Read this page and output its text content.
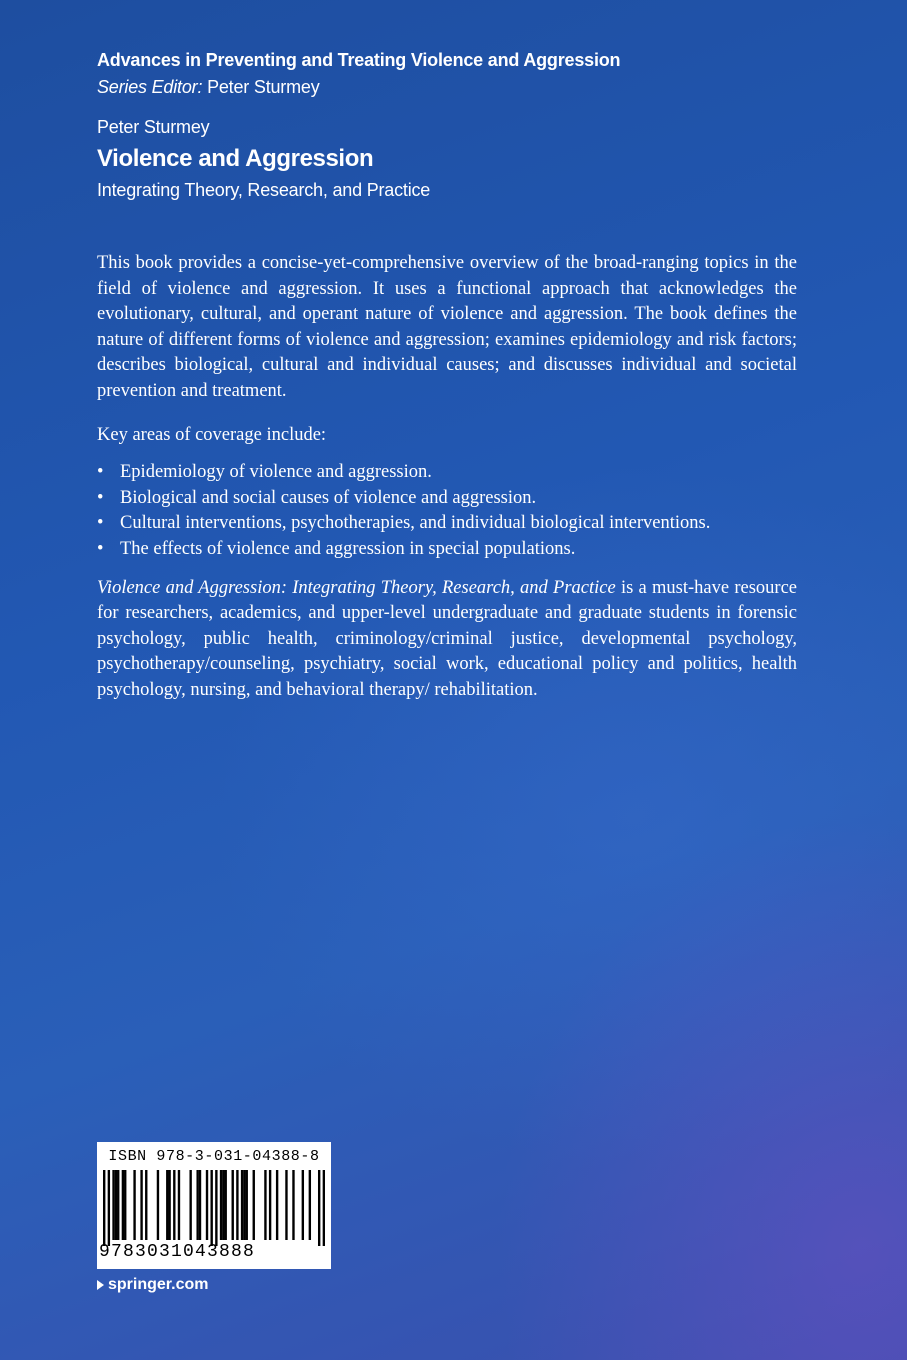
Advances in Preventing and Treating Violence and Aggression
Series Editor: Peter Sturmey
Peter Sturmey
Violence and Aggression
Integrating Theory, Research, and Practice

This book provides a concise-yet-comprehensive overview of the broad-ranging topics in the field of violence and aggression. It uses a functional approach that acknowledges the evolutionary, cultural, and operant nature of violence and aggression. The book defines the nature of different forms of violence and aggression; examines epidemiology and risk factors; describes biological, cultural and individual causes; and discusses individual and societal prevention and treatment.

Key areas of coverage include:

• Epidemiology of violence and aggression.
• Biological and social causes of violence and aggression.
• Cultural interventions, psychotherapies, and individual biological interventions.
• The effects of violence and aggression in special populations.

Violence and Aggression: Integrating Theory, Research, and Practice is a must-have resource for researchers, academics, and upper-level undergraduate and graduate students in forensic psychology, public health, criminology/criminal justice, developmental psychology, psychotherapy/counseling, psychiatry, social work, educational policy and politics, health psychology, nursing, and behavioral therapy/ rehabilitation.

ISBN 978-3-031-04388-8
9783031043888
springer.com
